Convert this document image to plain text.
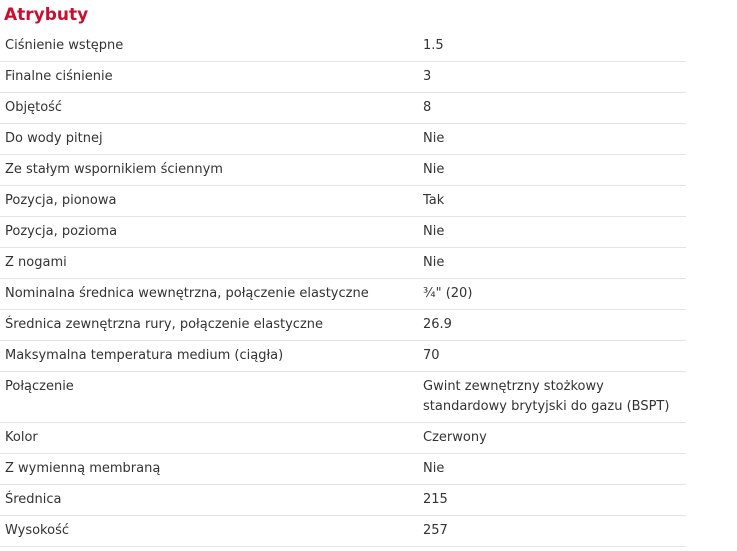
Atrybuty
Ciśnienie wstępne	1.5
Finalne ciśnienie	3
Objętość	8
Do wody pitnej	Nie
Ze stałym wspornikiem ściennym	Nie
Pozycja, pionowa	Tak
Pozycja, pozioma	Nie
Z nogami	Nie
Nominalna średnica wewnętrzna, połączenie elastyczne	¾" (20)
Średnica zewnętrzna rury, połączenie elastyczne	26.9
Maksymalna temperatura medium (ciągła)	70
Połączenie	Gwint zewnętrzny stożkowy standardowy brytyjski do gazu (BSPT)
Kolor	Czerwony
Z wymienną membraną	Nie
Średnica	215
Wysokość	257
